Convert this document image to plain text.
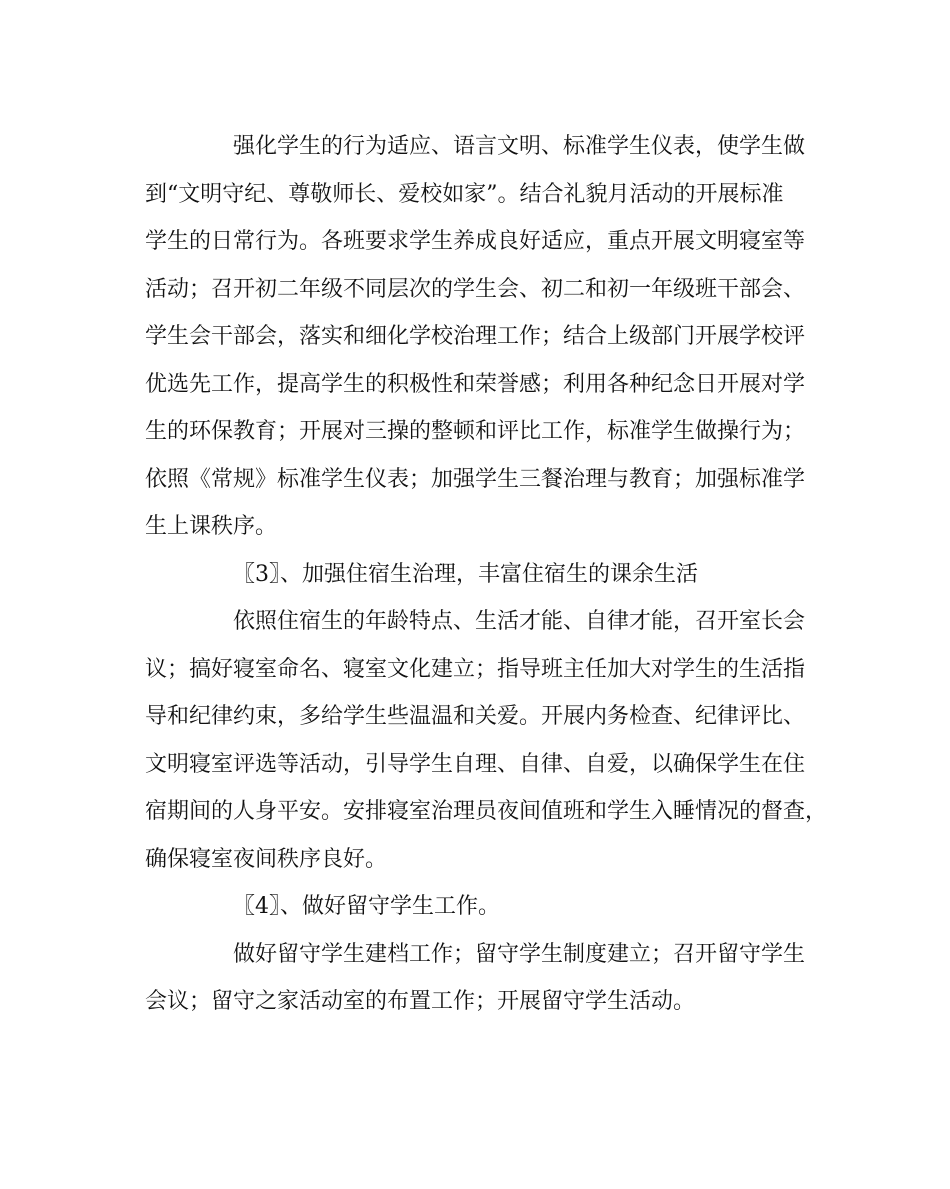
强化学生的行为适应、语言文明、标准学生仪表，使学生做
到“文明守纪、尊敬师长、爱校如家”。结合礼貌月活动的开展标准
学生的日常行为。各班要求学生养成良好适应，重点开展文明寝室等
活动；召开初二年级不同层次的学生会、初二和初一年级班干部会、
学生会干部会，落实和细化学校治理工作；结合上级部门开展学校评
优选先工作，提高学生的积极性和荣誉感；利用各种纪念日开展对学
生的环保教育；开展对三操的整顿和评比工作，标准学生做操行为；
依照《常规》标准学生仪表；加强学生三餐治理与教育；加强标准学
生上课秩序。
〖3〗、加强住宿生治理，丰富住宿生的课余生活
依照住宿生的年龄特点、生活才能、自律才能，召开室长会
议；搞好寝室命名、寝室文化建立；指导班主任加大对学生的生活指
导和纪律约束，多给学生些温温和关爱。开展内务检查、纪律评比、
文明寝室评选等活动，引导学生自理、自律、自爱，以确保学生在住
宿期间的人身平安。安排寝室治理员夜间值班和学生入睡情况的督查，
确保寝室夜间秩序良好。
〖4〗、做好留守学生工作。
做好留守学生建档工作；留守学生制度建立；召开留守学生
会议；留守之家活动室的布置工作；开展留守学生活动。
